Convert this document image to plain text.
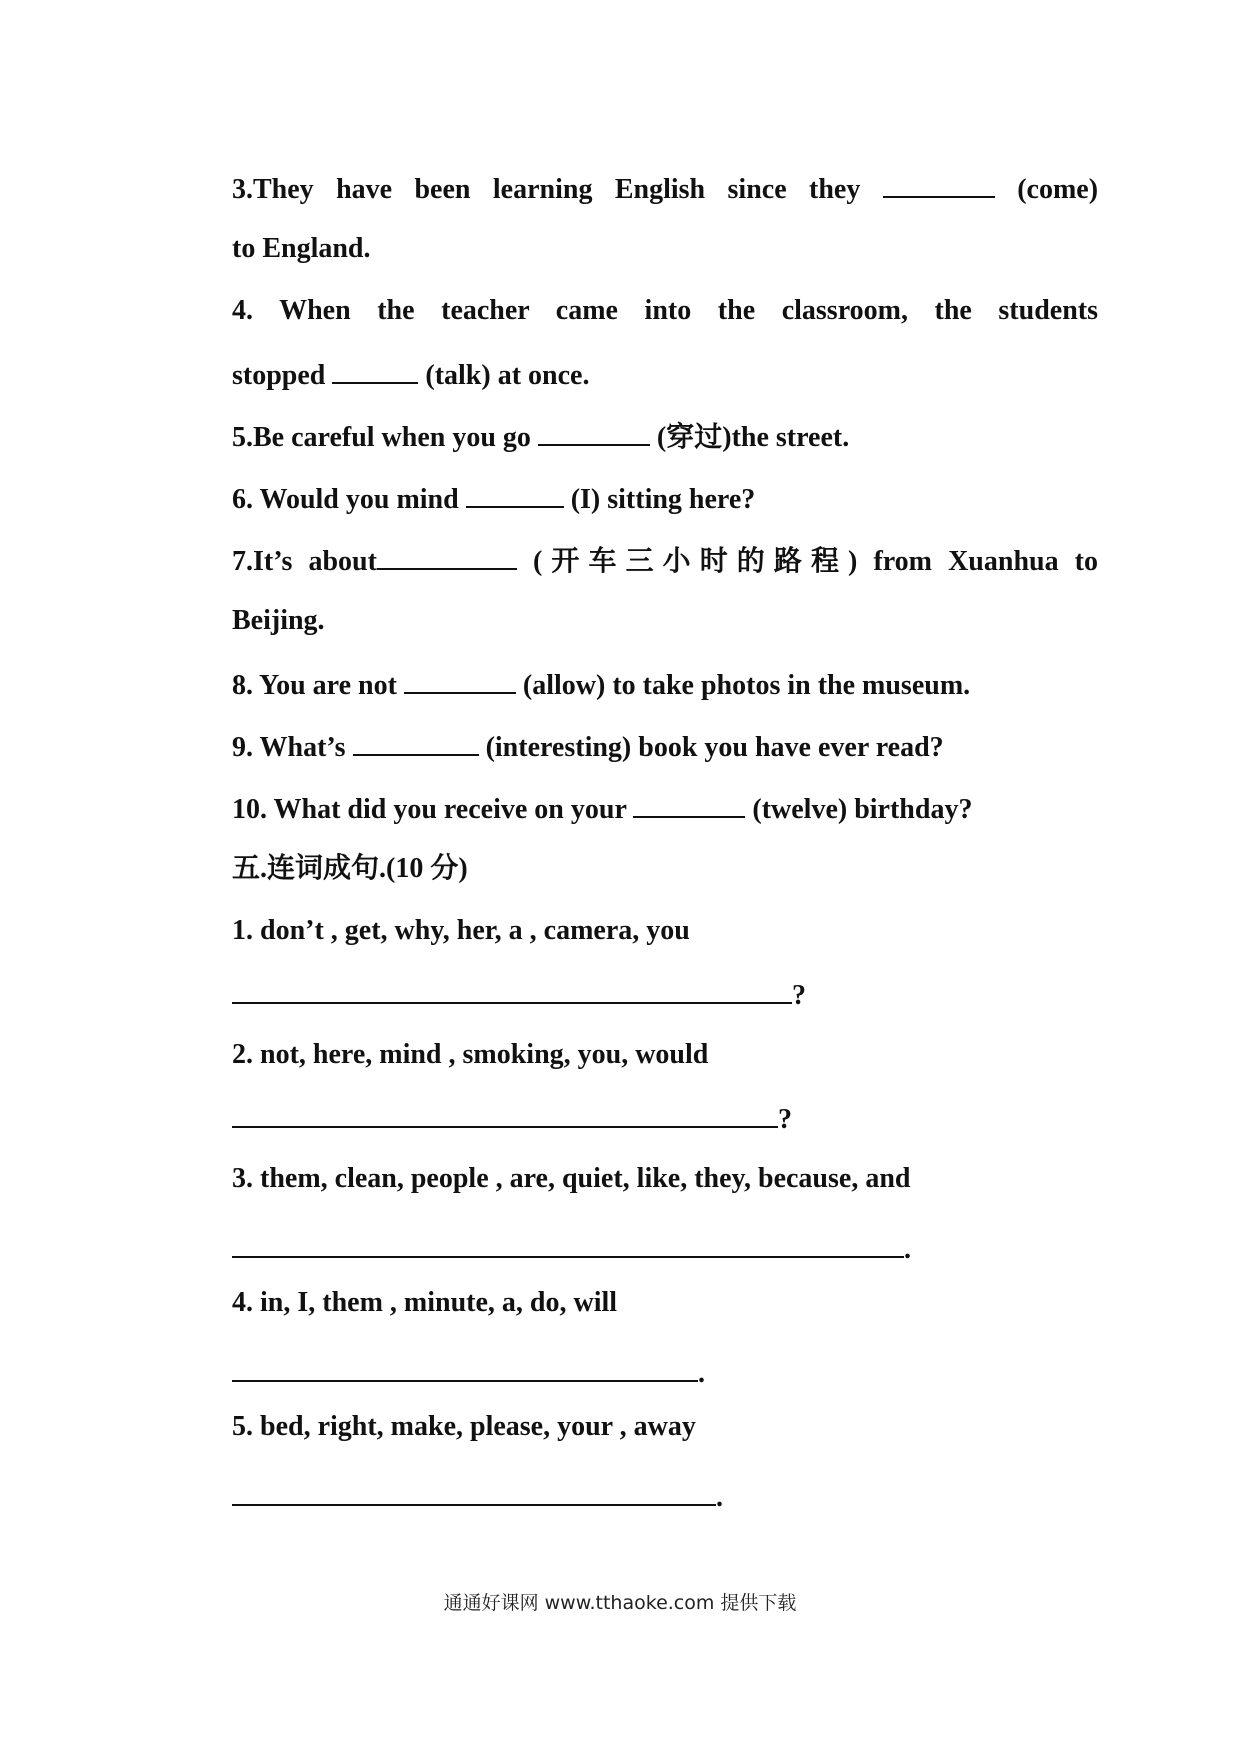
3.They have been learning English since they	(come)
to England.
4. When the teacher came into the classroom, the students
stopped	(talk) at once.
5.Be careful when you go	(穿过)the street.
6. Would you mind	(I) sitting here?
7.It’s about	(开车三小时的路程) from Xuanhua to
Beijing.
8. You are not	(allow) to take photos in the museum.
9. What’s	(interesting) book you have ever read?
10. What did you receive on your	(twelve) birthday?
五.连词成句.(10 分)
1. don’t , get, why, her, a , camera, you
?
2. not, here, mind , smoking, you, would
?
3. them, clean, people , are, quiet, like, they, because, and
.
4. in, I, them , minute, a, do, will
.
5. bed, right, make, please, your , away
.
通通好课网 www.tthaoke.com 提供下载
